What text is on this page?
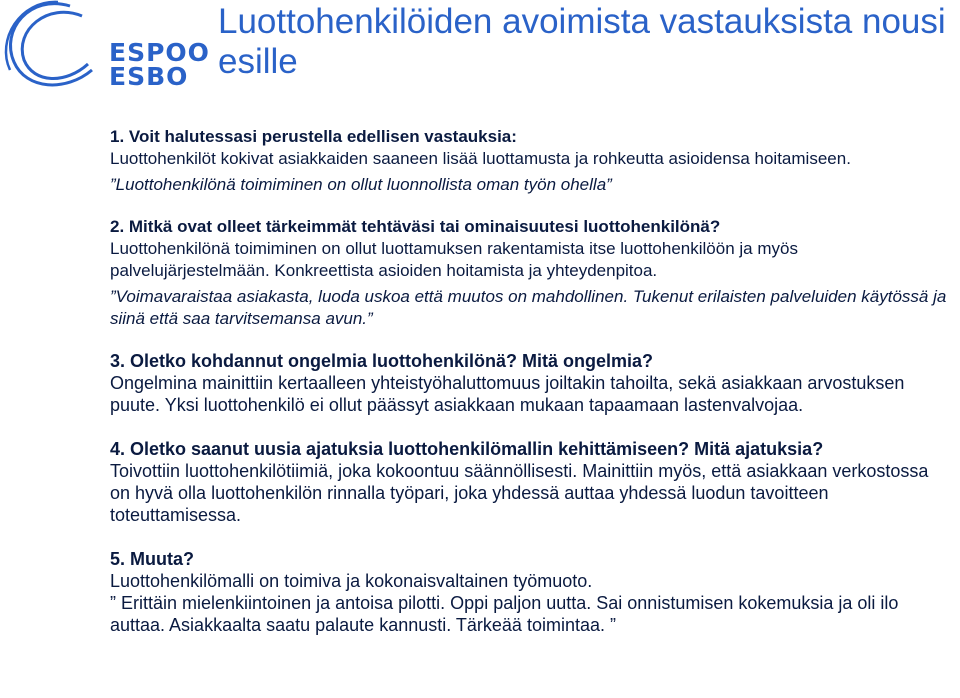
ESPOO
ESBO
Luottohenkilöiden avoimista vastauksista nousi esille

1. Voit halutessasi perustella edellisen vastauksia:

Luottohenkilöt kokivat asiakkaiden saaneen lisää luottamusta ja rohkeutta asioidensa hoitamiseen.

”Luottohenkilönä toimiminen on ollut luonnollista oman työn ohella”

2. Mitkä ovat olleet tärkeimmät tehtäväsi tai ominaisuutesi luottohenkilönä?

Luottohenkilönä toimiminen on ollut luottamuksen rakentamista itse luottohenkilöön ja myös palvelujärjestelmään. Konkreettista asioiden hoitamista ja yhteydenpitoa.

”Voimavaraistaa asiakasta, luoda uskoa että muutos on mahdollinen. Tukenut erilaisten palveluiden käytössä ja siinä että saa tarvitsemansa avun.”

3. Oletko kohdannut ongelmia luottohenkilönä? Mitä ongelmia?

Ongelmina mainittiin kertaalleen yhteistyöhaluttomuus joiltakin tahoilta, sekä asiakkaan arvostuksen puute. Yksi luottohenkilö ei ollut päässyt asiakkaan mukaan tapaamaan lastenvalvojaa.

4. Oletko saanut uusia ajatuksia luottohenkilömallin kehittämiseen? Mitä ajatuksia?

Toivottiin luottohenkilötiimiä, joka kokoontuu säännöllisesti. Mainittiin myös, että asiakkaan verkostossa on hyvä olla luottohenkilön rinnalla työpari, joka yhdessä auttaa yhdessä luodun tavoitteen toteuttamisessa.

5. Muuta?

Luottohenkilömalli on toimiva ja kokonaisvaltainen työmuoto.

” Erittäin mielenkiintoinen ja antoisa pilotti. Oppi paljon uutta. Sai onnistumisen kokemuksia ja oli ilo auttaa. Asiakkaalta saatu palaute kannusti. Tärkeää toimintaa. ”
